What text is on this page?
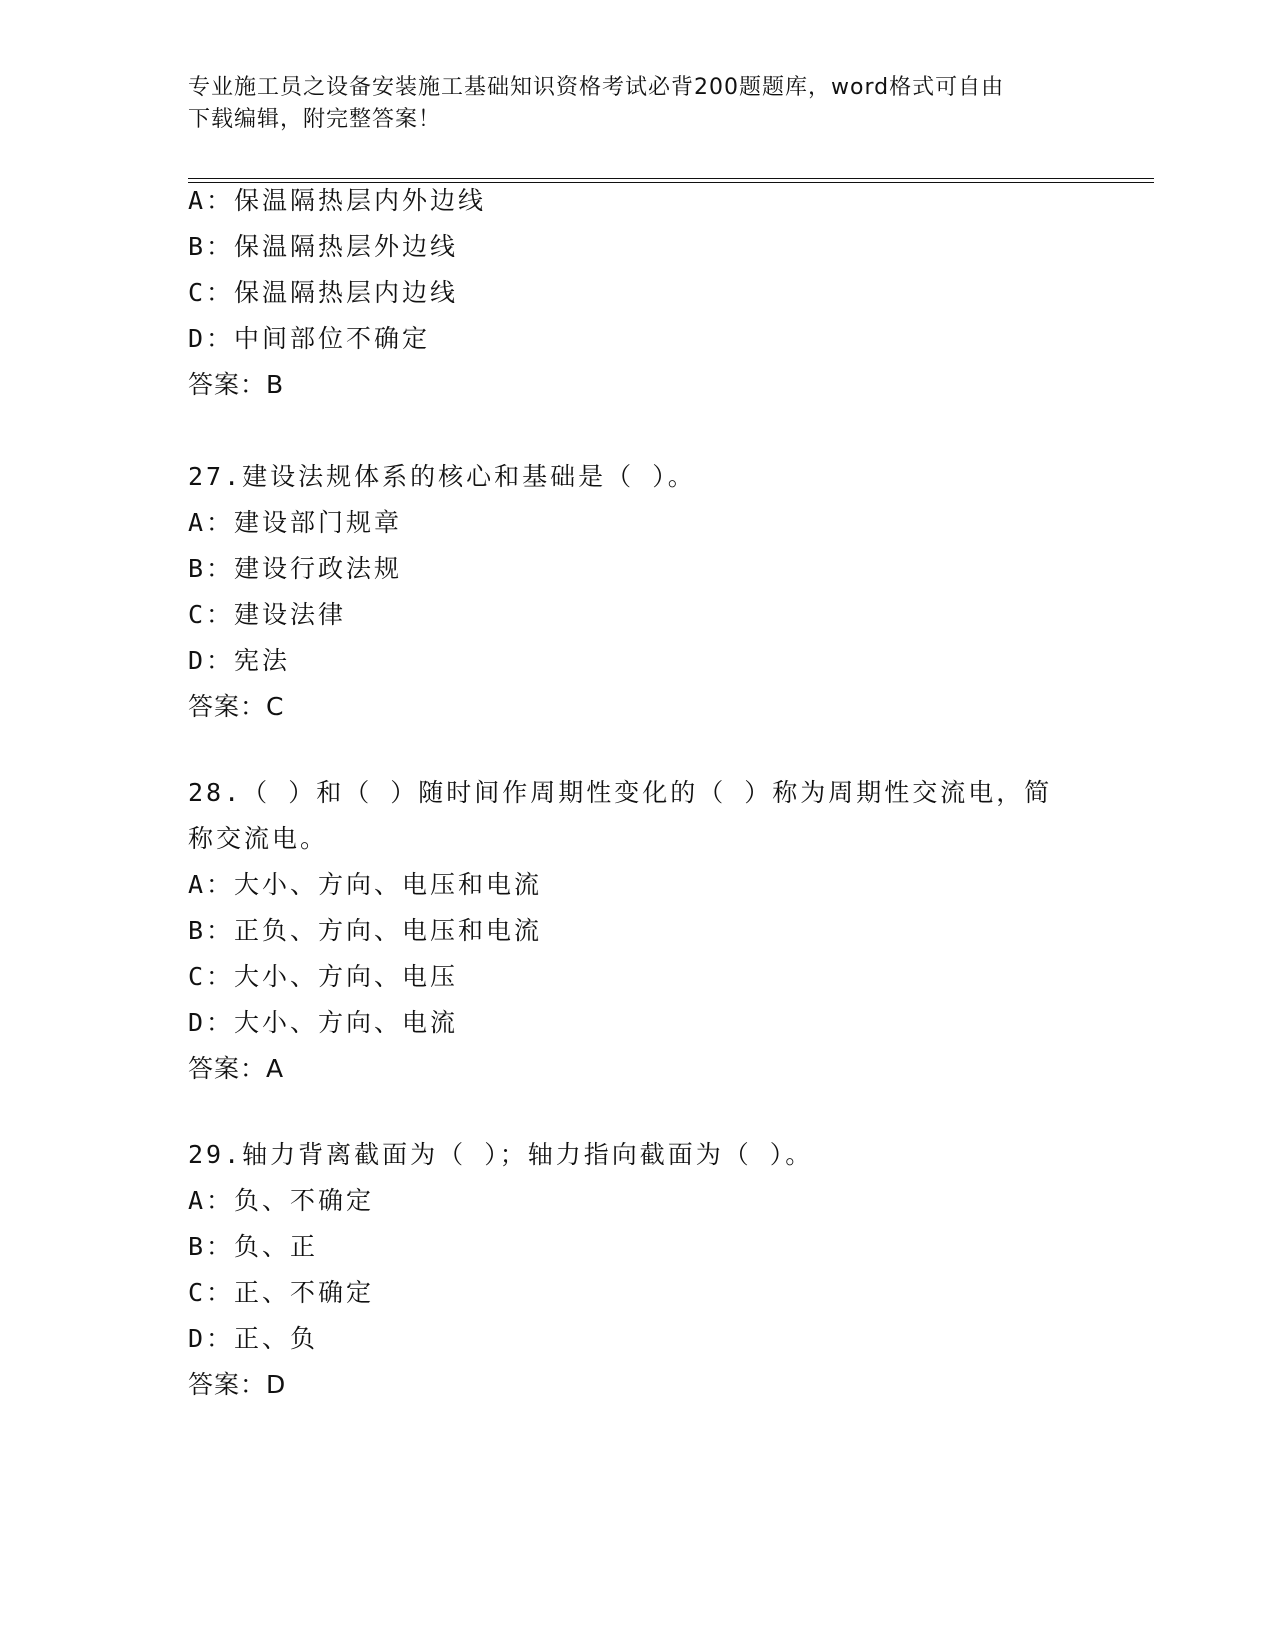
专业施工员之设备安装施工基础知识资格考试必背200题题库，word格式可自由
下载编辑，附完整答案！
A：保温隔热层内外边线
B：保温隔热层外边线
C：保温隔热层内边线
D：中间部位不确定
答案：B
27.建设法规体系的核心和基础是（ ）。
A：建设部门规章
B：建设行政法规
C：建设法律
D：宪法
答案：C
28.（ ）和（ ）随时间作周期性变化的（ ）称为周期性交流电，简
称交流电。
A：大小、方向、电压和电流
B：正负、方向、电压和电流
C：大小、方向、电压
D：大小、方向、电流
答案：A
29.轴力背离截面为（ ）；轴力指向截面为（ ）。
A：负、不确定
B：负、正
C：正、不确定
D：正、负
答案：D
